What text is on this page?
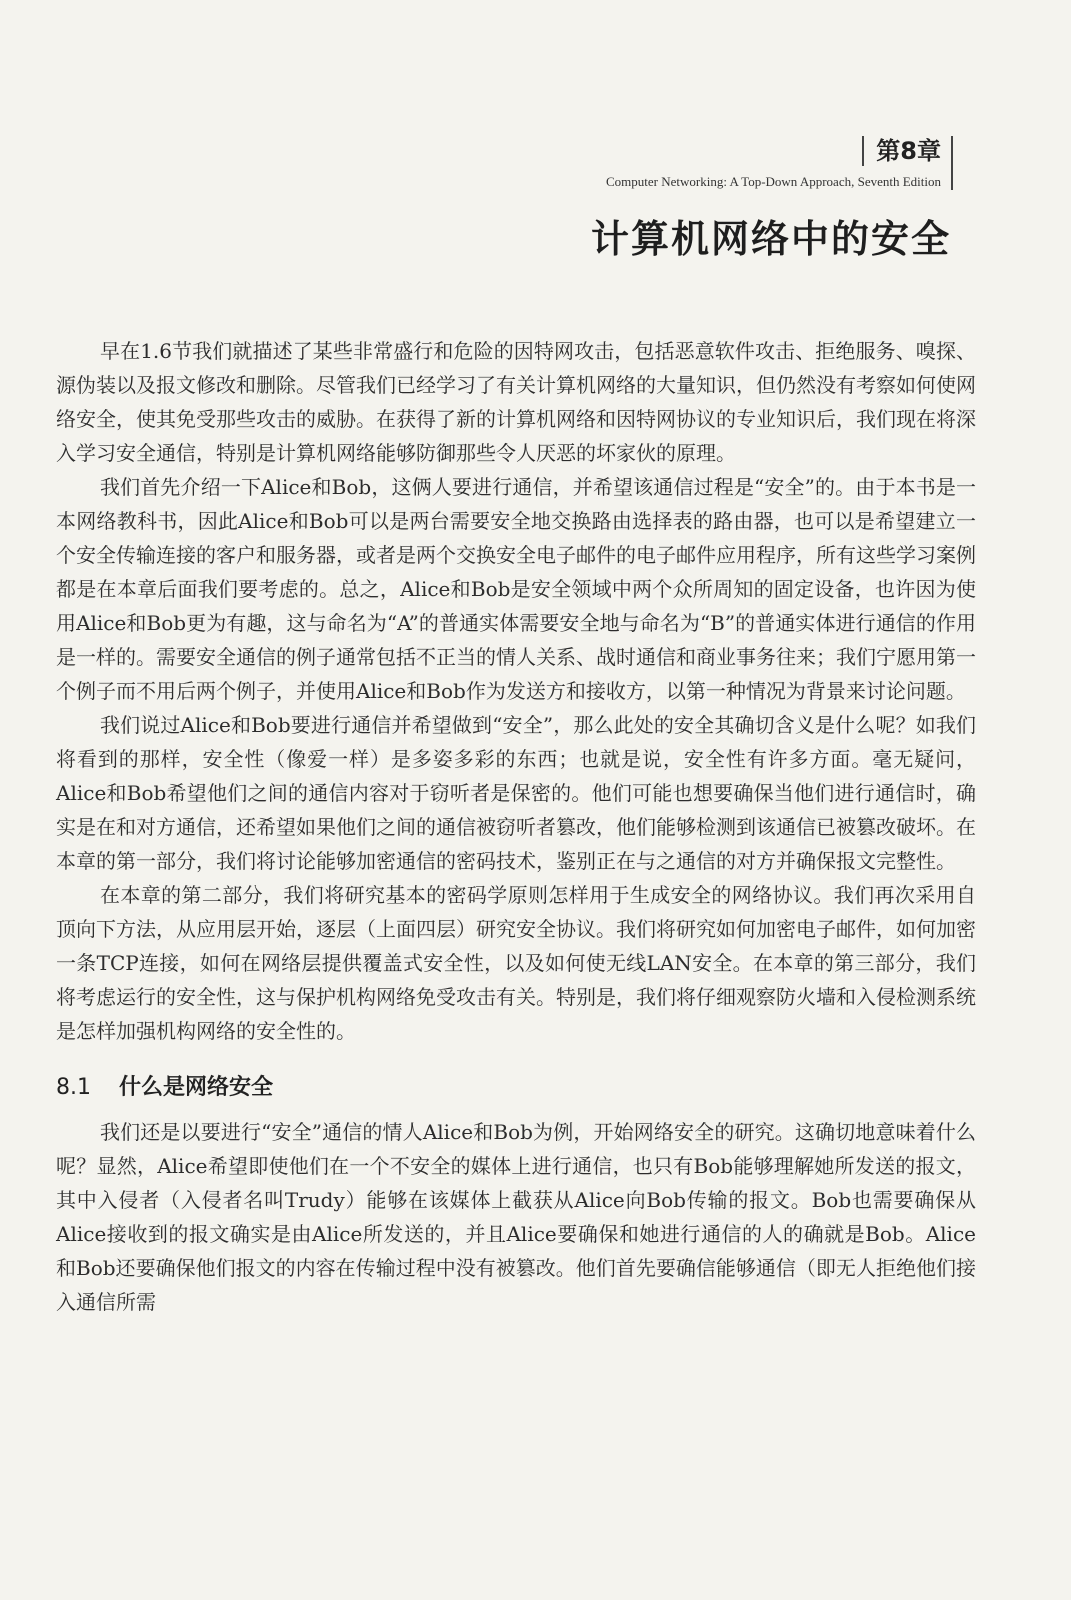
第8章
Computer Networking: A Top-Down Approach, Seventh Edition
计算机网络中的安全

早在1.6节我们就描述了某些非常盛行和危险的因特网攻击，包括恶意软件攻击、拒绝服务、嗅探、源伪装以及报文修改和删除。尽管我们已经学习了有关计算机网络的大量知识，但仍然没有考察如何使网络安全，使其免受那些攻击的威胁。在获得了新的计算机网络和因特网协议的专业知识后，我们现在将深入学习安全通信，特别是计算机网络能够防御那些令人厌恶的坏家伙的原理。

我们首先介绍一下Alice和Bob，这俩人要进行通信，并希望该通信过程是“安全”的。由于本书是一本网络教科书，因此Alice和Bob可以是两台需要安全地交换路由选择表的路由器，也可以是希望建立一个安全传输连接的客户和服务器，或者是两个交换安全电子邮件的电子邮件应用程序，所有这些学习案例都是在本章后面我们要考虑的。总之，Alice和Bob是安全领域中两个众所周知的固定设备，也许因为使用Alice和Bob更为有趣，这与命名为“A”的普通实体需要安全地与命名为“B”的普通实体进行通信的作用是一样的。需要安全通信的例子通常包括不正当的情人关系、战时通信和商业事务往来；我们宁愿用第一个例子而不用后两个例子，并使用Alice和Bob作为发送方和接收方，以第一种情况为背景来讨论问题。

我们说过Alice和Bob要进行通信并希望做到“安全”，那么此处的安全其确切含义是什么呢？如我们将看到的那样，安全性（像爱一样）是多姿多彩的东西；也就是说，安全性有许多方面。毫无疑问，Alice和Bob希望他们之间的通信内容对于窃听者是保密的。他们可能也想要确保当他们进行通信时，确实是在和对方通信，还希望如果他们之间的通信被窃听者篡改，他们能够检测到该通信已被篡改破坏。在本章的第一部分，我们将讨论能够加密通信的密码技术，鉴别正在与之通信的对方并确保报文完整性。

在本章的第二部分，我们将研究基本的密码学原则怎样用于生成安全的网络协议。我们再次采用自顶向下方法，从应用层开始，逐层（上面四层）研究安全协议。我们将研究如何加密电子邮件，如何加密一条TCP连接，如何在网络层提供覆盖式安全性，以及如何使无线LAN安全。在本章的第三部分，我们将考虑运行的安全性，这与保护机构网络免受攻击有关。特别是，我们将仔细观察防火墙和入侵检测系统是怎样加强机构网络的安全性的。

8.1 什么是网络安全

我们还是以要进行“安全”通信的情人Alice和Bob为例，开始网络安全的研究。这确切地意味着什么呢？显然，Alice希望即使他们在一个不安全的媒体上进行通信，也只有Bob能够理解她所发送的报文，其中入侵者（入侵者名叫Trudy）能够在该媒体上截获从Alice向Bob传输的报文。Bob也需要确保从Alice接收到的报文确实是由Alice所发送的，并且Alice要确保和她进行通信的人的确就是Bob。Alice和Bob还要确保他们报文的内容在传输过程中没有被篡改。他们首先要确信能够通信（即无人拒绝他们接入通信所需
